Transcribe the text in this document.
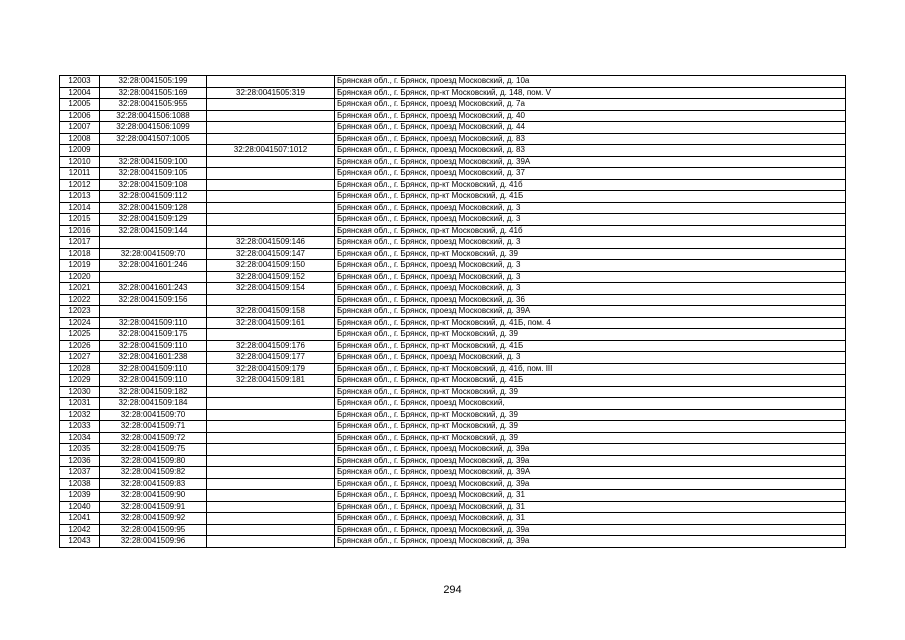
12003	32:28:0041505:199		Брянская обл., г. Брянск, проезд Московский, д. 10а
12004	32:28:0041505:169	32:28:0041505:319	Брянская обл., г. Брянск, пр-кт Московский, д. 148, пом. V
12005	32:28:0041505:955		Брянская обл., г. Брянск, проезд Московский, д. 7а
12006	32:28:0041506:1088		Брянская обл., г. Брянск, проезд Московский, д. 40
12007	32:28:0041506:1099		Брянская обл., г. Брянск, проезд Московский, д. 44
12008	32:28:0041507:1005		Брянская обл., г. Брянск, проезд Московский, д. 83
12009		32:28:0041507:1012	Брянская обл., г. Брянск, проезд Московский, д. 83
12010	32:28:0041509:100		Брянская обл., г. Брянск, проезд Московский, д. 39А
12011	32:28:0041509:105		Брянская обл., г. Брянск, проезд Московский, д. 37
12012	32:28:0041509:108		Брянская обл., г. Брянск, пр-кт Московский, д. 41б
12013	32:28:0041509:112		Брянская обл., г. Брянск, пр-кт Московский, д. 41Б
12014	32:28:0041509:128		Брянская обл., г. Брянск, проезд Московский, д. 3
12015	32:28:0041509:129		Брянская обл., г. Брянск, проезд Московский, д. 3
12016	32:28:0041509:144		Брянская обл., г. Брянск, пр-кт Московский, д. 41б
12017		32:28:0041509:146	Брянская обл., г. Брянск, проезд Московский, д. 3
12018	32:28:0041509:70	32:28:0041509:147	Брянская обл., г. Брянск, пр-кт Московский, д. 39
12019	32:28:0041601:246	32:28:0041509:150	Брянская обл., г. Брянск, проезд Московский, д. 3
12020		32:28:0041509:152	Брянская обл., г. Брянск, проезд Московский, д. 3
12021	32:28:0041601:243	32:28:0041509:154	Брянская обл., г. Брянск, проезд Московский, д. 3
12022	32:28:0041509:156		Брянская обл., г. Брянск, проезд Московский, д. 36
12023		32:28:0041509:158	Брянская обл., г. Брянск, проезд Московский, д. 39А
12024	32:28:0041509:110	32:28:0041509:161	Брянская обл., г. Брянск, пр-кт Московский, д. 41Б, пом. 4
12025	32:28:0041509:175		Брянская обл., г. Брянск, пр-кт Московский, д. 39
12026	32:28:0041509:110	32:28:0041509:176	Брянская обл., г. Брянск, пр-кт Московский, д. 41Б
12027	32:28:0041601:238	32:28:0041509:177	Брянская обл., г. Брянск, проезд Московский, д. 3
12028	32:28:0041509:110	32:28:0041509:179	Брянская обл., г. Брянск, пр-кт Московский, д. 41б, пом. III
12029	32:28:0041509:110	32:28:0041509:181	Брянская обл., г. Брянск, пр-кт Московский, д. 41Б
12030	32:28:0041509:182		Брянская обл., г. Брянск, пр-кт Московский, д. 39
12031	32:28:0041509:184		Брянская обл., г. Брянск, проезд Московский,
12032	32:28:0041509:70		Брянская обл., г. Брянск, пр-кт Московский, д. 39
12033	32:28:0041509:71		Брянская обл., г. Брянск, пр-кт Московский, д. 39
12034	32:28:0041509:72		Брянская обл., г. Брянск, пр-кт Московский, д. 39
12035	32:28:0041509:75		Брянская обл., г. Брянск, проезд Московский, д. 39а
12036	32:28:0041509:80		Брянская обл., г. Брянск, проезд Московский, д. 39а
12037	32:28:0041509:82		Брянская обл., г. Брянск, проезд Московский, д. 39А
12038	32:28:0041509:83		Брянская обл., г. Брянск, проезд Московский, д. 39а
12039	32:28:0041509:90		Брянская обл., г. Брянск, проезд Московский, д. 31
12040	32:28:0041509:91		Брянская обл., г. Брянск, проезд Московский, д. 31
12041	32:28:0041509:92		Брянская обл., г. Брянск, проезд Московский, д. 31
12042	32:28:0041509:95		Брянская обл., г. Брянск, проезд Московский, д. 39а
12043	32:28:0041509:96		Брянская обл., г. Брянск, проезд Московский, д. 39а
294
